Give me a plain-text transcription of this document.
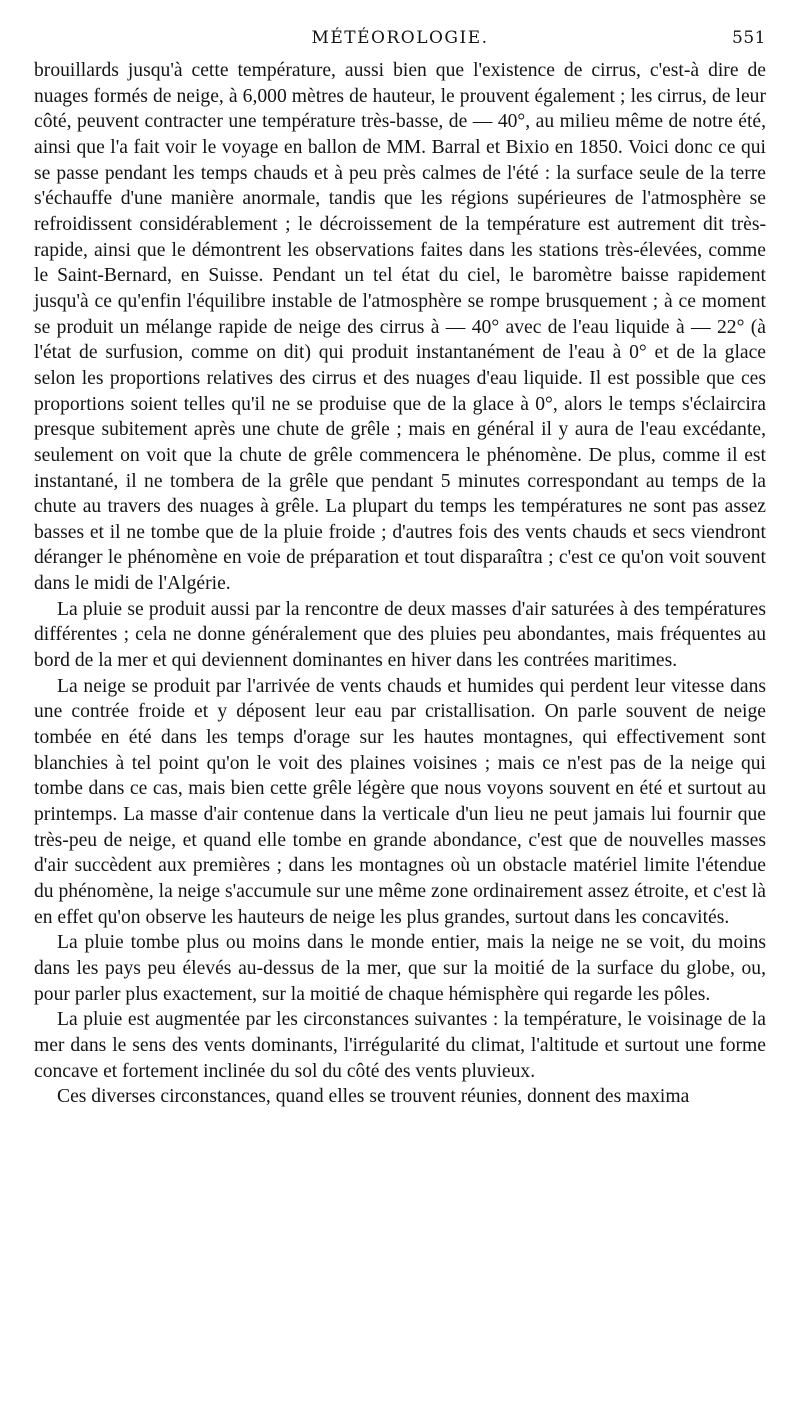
MÉTÉOROLOGIE.	551

brouillards jusqu'à cette température, aussi bien que l'existence de cirrus, c'est-à dire de nuages formés de neige, à 6,000 mètres de hauteur, le prouvent également ; les cirrus, de leur côté, peuvent contracter une température très-basse, de — 40°, au milieu même de notre été, ainsi que l'a fait voir le voyage en ballon de MM. Barral et Bixio en 1850. Voici donc ce qui se passe pendant les temps chauds et à peu près calmes de l'été : la surface seule de la terre s'échauffe d'une manière anormale, tandis que les régions supérieures de l'atmosphère se refroidissent considérablement ; le décroissement de la température est autrement dit très-rapide, ainsi que le démontrent les observations faites dans les stations très-élevées, comme le Saint-Bernard, en Suisse. Pendant un tel état du ciel, le baromètre baisse rapidement jusqu'à ce qu'enfin l'équilibre instable de l'atmosphère se rompe brusquement ; à ce moment se produit un mélange rapide de neige des cirrus à — 40° avec de l'eau liquide à — 22° (à l'état de surfusion, comme on dit) qui produit instantanément de l'eau à 0° et de la glace selon les proportions relatives des cirrus et des nuages d'eau liquide. Il est possible que ces proportions soient telles qu'il ne se produise que de la glace à 0°, alors le temps s'éclaircira presque subitement après une chute de grêle ; mais en général il y aura de l'eau excédante, seulement on voit que la chute de grêle commencera le phénomène. De plus, comme il est instantané, il ne tombera de la grêle que pendant 5 minutes correspondant au temps de la chute au travers des nuages à grêle. La plupart du temps les températures ne sont pas assez basses et il ne tombe que de la pluie froide ; d'autres fois des vents chauds et secs viendront déranger le phénomène en voie de préparation et tout disparaîtra ; c'est ce qu'on voit souvent dans le midi de l'Algérie.

La pluie se produit aussi par la rencontre de deux masses d'air saturées à des températures différentes ; cela ne donne généralement que des pluies peu abondantes, mais fréquentes au bord de la mer et qui deviennent dominantes en hiver dans les contrées maritimes.

La neige se produit par l'arrivée de vents chauds et humides qui perdent leur vitesse dans une contrée froide et y déposent leur eau par cristallisation. On parle souvent de neige tombée en été dans les temps d'orage sur les hautes montagnes, qui effectivement sont blanchies à tel point qu'on le voit des plaines voisines ; mais ce n'est pas de la neige qui tombe dans ce cas, mais bien cette grêle légère que nous voyons souvent en été et surtout au printemps. La masse d'air contenue dans la verticale d'un lieu ne peut jamais lui fournir que très-peu de neige, et quand elle tombe en grande abondance, c'est que de nouvelles masses d'air succèdent aux premières ; dans les montagnes où un obstacle matériel limite l'étendue du phénomène, la neige s'accumule sur une même zone ordinairement assez étroite, et c'est là en effet qu'on observe les hauteurs de neige les plus grandes, surtout dans les concavités.

La pluie tombe plus ou moins dans le monde entier, mais la neige ne se voit, du moins dans les pays peu élevés au-dessus de la mer, que sur la moitié de la surface du globe, ou, pour parler plus exactement, sur la moitié de chaque hémisphère qui regarde les pôles.

La pluie est augmentée par les circonstances suivantes : la température, le voisinage de la mer dans le sens des vents dominants, l'irrégularité du climat, l'altitude et surtout une forme concave et fortement inclinée du sol du côté des vents pluvieux.

Ces diverses circonstances, quand elles se trouvent réunies, donnent des maxima
